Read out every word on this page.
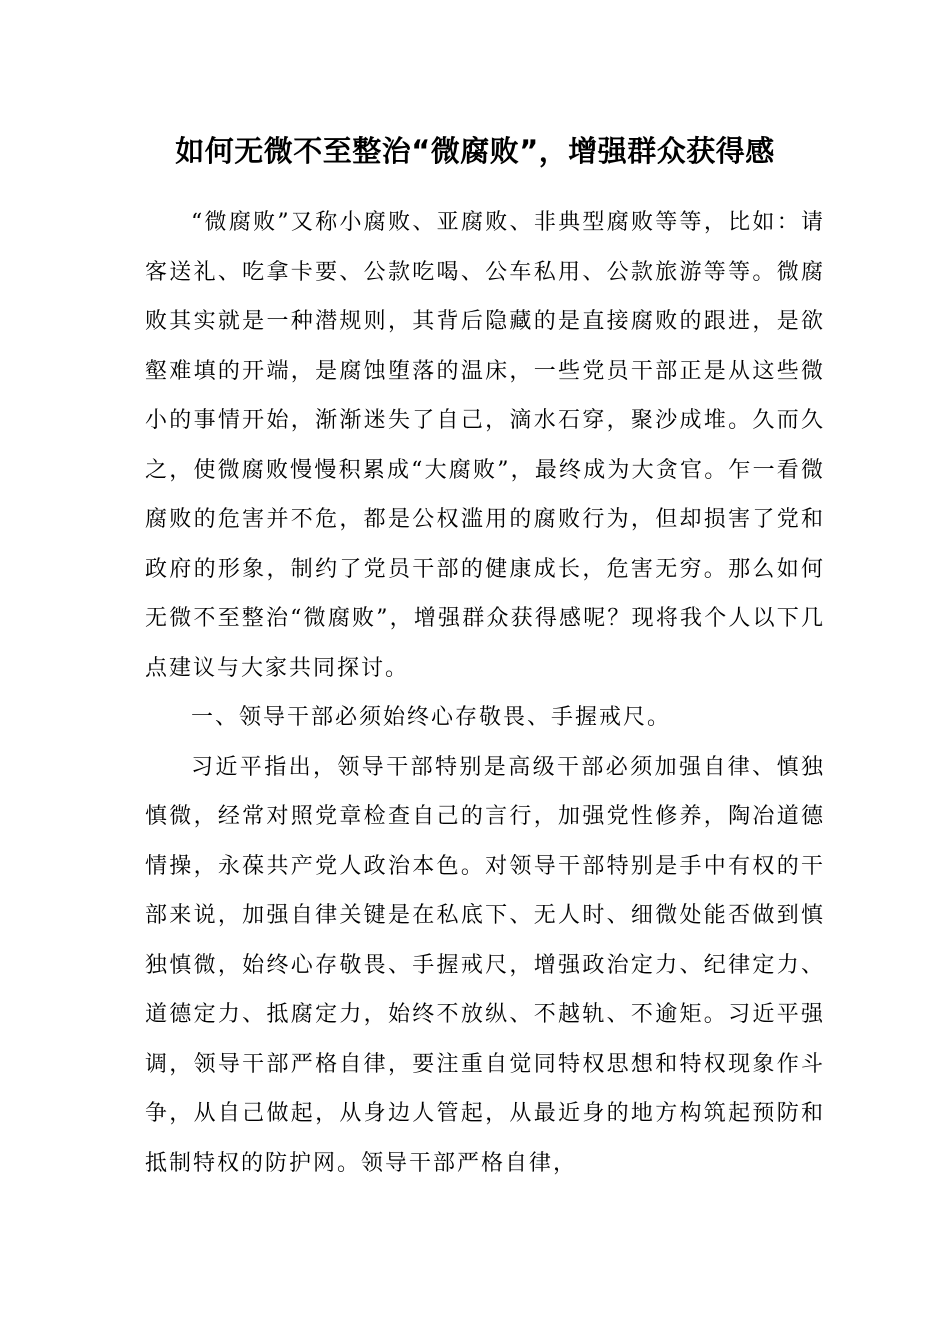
如何无微不至整治“微腐败”，增强群众获得感

“微腐败”又称小腐败、亚腐败、非典型腐败等等，比如：请客送礼、吃拿卡要、公款吃喝、公车私用、公款旅游等等。微腐败其实就是一种潜规则，其背后隐藏的是直接腐败的跟进，是欲壑难填的开端，是腐蚀堕落的温床，一些党员干部正是从这些微小的事情开始，渐渐迷失了自己，滴水石穿，聚沙成堆。久而久之，使微腐败慢慢积累成“大腐败”，最终成为大贪官。乍一看微腐败的危害并不危，都是公权滥用的腐败行为，但却损害了党和政府的形象，制约了党员干部的健康成长，危害无穷。那么如何无微不至整治“微腐败”，增强群众获得感呢？现将我个人以下几点建议与大家共同探讨。

一、领导干部必须始终心存敬畏、手握戒尺。

习近平指出，领导干部特别是高级干部必须加强自律、慎独慎微，经常对照党章检查自己的言行，加强党性修养，陶冶道德情操，永葆共产党人政治本色。对领导干部特别是手中有权的干部来说，加强自律关键是在私底下、无人时、细微处能否做到慎独慎微，始终心存敬畏、手握戒尺，增强政治定力、纪律定力、道德定力、抵腐定力，始终不放纵、不越轨、不逾矩。习近平强调，领导干部严格自律，要注重自觉同特权思想和特权现象作斗争，从自己做起，从身边人管起，从最近身的地方构筑起预防和抵制特权的防护网。领导干部严格自律，
